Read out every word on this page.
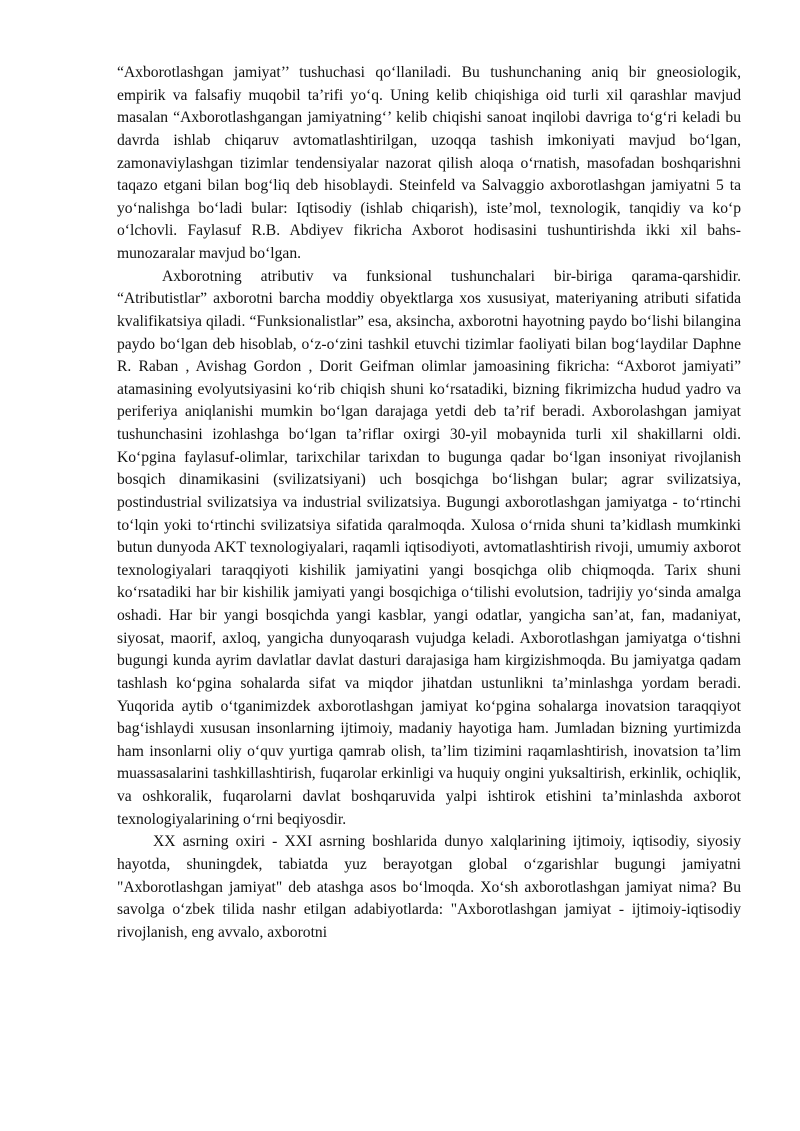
“Axborotlashgan jamiyat’’ tushuchasi qo‘llaniladi. Bu tushunchaning aniq bir gneosiologik, empirik va falsafiy muqobil ta’rifi yo‘q. Uning kelib chiqishiga oid turli xil qarashlar mavjud masalan “Axborotlashgangan jamiyatning‘’ kelib chiqishi sanoat inqilobi davriga to‘g‘ri keladi bu davrda ishlab chiqaruv avtomatlashtirilgan, uzoqqa tashish imkoniyati mavjud bo‘lgan, zamonaviylashgan tizimlar tendensiyalar nazorat qilish aloqa o‘rnatish, masofadan boshqarishni taqazo etgani bilan bog‘liq deb hisoblaydi. Steinfeld va Salvaggio axborotlashgan jamiyatni 5 ta yo‘nalishga bo‘ladi bular: Iqtisodiy (ishlab chiqarish), iste’mol, texnologik, tanqidiy va ko‘p o‘lchovli. Faylasuf R.B. Abdiyev fikricha Axborot hodisasini tushuntirishda ikki xil bahs-munozaralar mavjud bo‘lgan.

Axborotning atributiv va funksional tushunchalari bir-biriga qarama-qarshidir. “Atributistlar” axborotni barcha moddiy obyektlarga xos xususiyat, materiyaning atributi sifatida kvalifikatsiya qiladi. “Funksionalistlar” esa, aksincha, axborotni hayotning paydo bo‘lishi bilangina paydo bo‘lgan deb hisoblab, o‘z-o‘zini tashkil etuvchi tizimlar faoliyati bilan bog‘laydilar Daphne R. Raban , Avishag Gordon , Dorit Geifman olimlar jamoasining fikricha: “Axborot jamiyati” atamasining evolyutsiyasini ko‘rib chiqish shuni ko‘rsatadiki, bizning fikrimizcha hudud yadro va periferiya aniqlanishi mumkin bo‘lgan darajaga yetdi deb ta’rif beradi. Axborolashgan jamiyat tushunchasini izohlashga bo‘lgan ta’riflar oxirgi 30-yil mobaynida turli xil shakillarni oldi. Ko‘pgina faylasuf-olimlar, tarixchilar tarixdan to bugunga qadar bo‘lgan insoniyat rivojlanish bosqich dinamikasini (svilizatsiyani) uch bosqichga bo‘lishgan bular; agrar svilizatsiya, postindustrial svilizatsiya va industrial svilizatsiya. Bugungi axborotlashgan jamiyatga - to‘rtinchi to‘lqin yoki to‘rtinchi svilizatsiya sifatida qaralmoqda. Xulosa o‘rnida shuni ta’kidlash mumkinki butun dunyoda AKT texnologiyalari, raqamli iqtisodiyoti, avtomatlashtirish rivoji, umumiy axborot texnologiyalari taraqqiyoti kishilik jamiyatini yangi bosqichga olib chiqmoqda. Tarix shuni ko‘rsatadiki har bir kishilik jamiyati yangi bosqichiga o‘tilishi evolutsion, tadrijiy yo‘sinda amalga oshadi. Har bir yangi bosqichda yangi kasblar, yangi odatlar, yangicha san’at, fan, madaniyat, siyosat, maorif, axloq, yangicha dunyoqarash vujudga keladi. Axborotlashgan jamiyatga o‘tishni bugungi kunda ayrim davlatlar davlat dasturi darajasiga ham kirgizishmoqda. Bu jamiyatga qadam tashlash ko‘pgina sohalarda sifat va miqdor jihatdan ustunlikni ta’minlashga yordam beradi. Yuqorida aytib o‘tganimizdek axborotlashgan jamiyat ko‘pgina sohalarga inovatsion taraqqiyot bag‘ishlaydi xususan insonlarning ijtimoiy, madaniy hayotiga ham. Jumladan bizning yurtimizda ham insonlarni oliy o‘quv yurtiga qamrab olish, ta’lim tizimini raqamlashtirish, inovatsion ta’lim muassasalarini tashkillashtirish, fuqarolar erkinligi va huquiy ongini yuksaltirish, erkinlik, ochiqlik, va oshkoralik, fuqarolarni davlat boshqaruvida yalpi ishtirok etishini ta’minlashda axborot texnologiyalarining o‘rni beqiyosdir.

XX asrning oxiri - XXI asrning boshlarida dunyo xalqlarining ijtimoiy, iqtisodiy, siyosiy hayotda, shuningdek, tabiatda yuz berayotgan global o‘zgarishlar bugungi jamiyatni "Axborotlashgan jamiyat" deb atashga asos bo‘lmoqda. Xo‘sh axborotlashgan jamiyat nima? Bu savolga o‘zbek tilida nashr etilgan adabiyotlarda: "Axborotlashgan jamiyat - ijtimoiy-iqtisodiy rivojlanish, eng avvalo, axborotni
